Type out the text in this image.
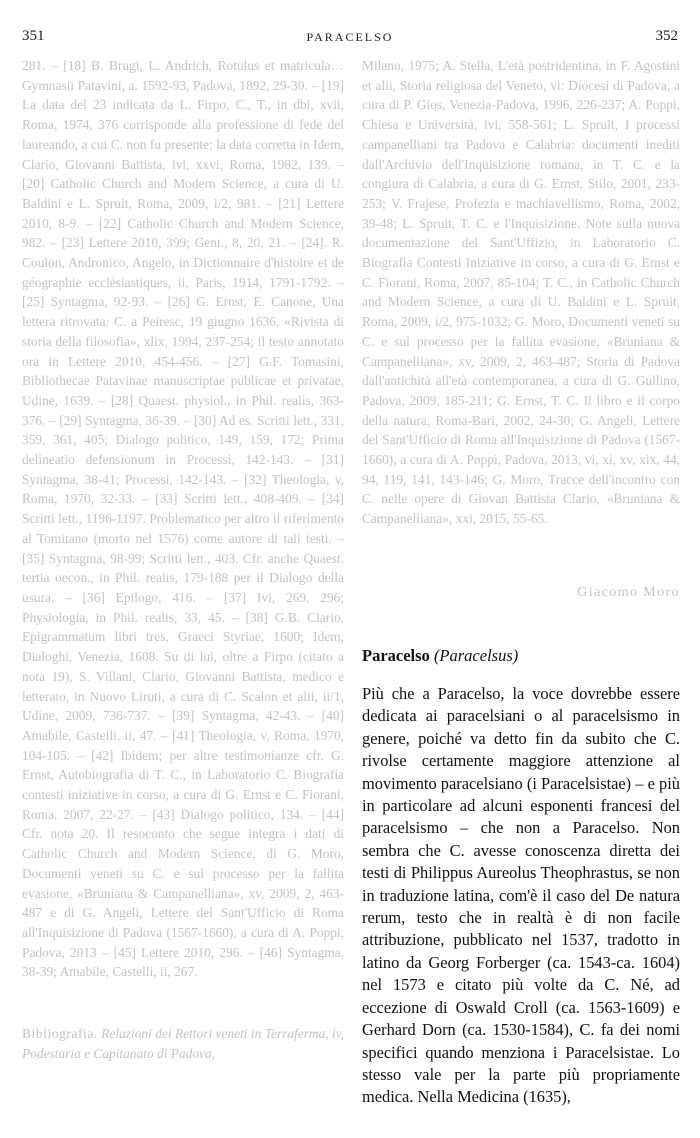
351	PARACELSO	352
281. – [18] B. Brugi, L. Andrich, Rotulus et matricula… Gymnasii Patavini, a. 1592-93, Padova, 1892, 29-30. – [19] La data del 23 indicata da L. Firpo, C., T., in dbi, xvii, Roma, 1974, 376 corrisponde alla professione di fede del laureando, a cui C. non fu presente; la data corretta in Idem, Clario, Giovanni Battista, ivi, xxvi, Roma, 1982, 139. – [20] Catholic Church and Modern Science, a cura di U. Baldini e L. Spruit, Roma, 2009, i/2, 981. – [21] Lettere 2010, 8-9. – [22] Catholic Church and Modern Science, 982. – [23] Lettere 2010, 399; Gent., 8, 20, 21. – [24]. R. Coulon, Andronico, Angelo, in Dictionnaire d'histoire et de géographie ecclésiastiques, ii, Paris, 1914, 1791-1792. – [25] Syntagma, 92-93. – [26] G. Ernst, E. Canone, Una lettera ritrovata: C. a Peiresc, 19 giugno 1636, «Rivista di storia della filosofia», xlix, 1994, 237-254; il testo annotato ora in Lettere 2010, 454-456. – [27] G.F. Tomasini, Bibliothecae Patavinae manuscriptae publicae et privatae, Udine, 1639. – [28] Quaest. physiol., in Phil. realis, 363-376. – [29] Syntagma, 36-39. – [30] Ad es. Scritti lett., 331, 359, 361, 405; Dialogo politico, 149, 159, 172; Prima delineatio defensionum in Processi, 142-143. – [31] Syntagma, 38-41; Processi, 142-143. – [32] Theologia, v, Roma, 1970, 32-33. – [33] Scritti lett., 408-409. – [34] Scritti lett., 1196-1197. Problematico per altro il riferimento al Tomitano (morto nel 1576) come autore di tali testi. – [35] Syntagma, 98-99; Scritti lett., 403. Cfr. anche Quaest. tertia oecon., in Phil. realis, 179-188 per il Dialogo della usura. – [36] Epilogo, 416. – [37] Ivi, 269, 296; Physiologia, in Phil. realis, 33, 45. – [38] G.B. Clario, Epigrammatum libri tres, Graeci Styriae, 1600; Idem, Dialoghi, Venezia, 1608. Su di lui, oltre a Firpo (citato a nota 19), S. Villani, Clario, Giovanni Battista, medico e letterato, in Nuovo Liruti, a cura di C. Scalon et alii, ii/1, Udine, 2009, 736-737. – [39] Syntagma, 42-43. – [40] Amabile, Castelli, ii, 47. – [41] Theologia, v, Roma, 1970, 104-105. – [42] Ibidem; per altre testimonianze cfr. G. Ernst, Autobiografia di T. C., in Laboratorio C. Biografia contesti iniziative in corso, a cura di G. Ernst e C. Fiorani, Roma, 2007, 22-27. – [43] Dialogo politico, 134. – [44] Cfr. nota 20. Il resoconto che segue integra i dati di Catholic Church and Modern Science, di G. Moro, Documenti veneti su C. e sul processo per la fallita evasione, «Bruniana & Campanelliana», xv, 2009, 2, 463-487 e di G. Angeli, Lettere del Sant'Ufficio di Roma all'Inquisizione di Padova (1567-1660), a cura di A. Poppi, Padova, 2013 – [45] Lettere 2010, 296. – [46] Syntagma, 38-39; Amabile, Castelli, ii, 267.
Bibliografia. Relazioni dei Rettori veneti in Terraferma, iv, Podestaria e Capitanato di Padova,
Milano, 1975; A. Stella, L'età postridentina, in F. Agostini et alii, Storia religiosa del Veneto, vi: Diocesi di Padova, a cura di P. Gios, Venezia-Padova, 1996, 226-237; A. Poppi, Chiesa e Università, ivi, 558-561; L. Spruit, I processi campanelliani tra Padova e Calabria: documenti inediti dall'Archivio dell'Inquisizione romana, in T. C. e la congiura di Calabria, a cura di G. Ernst, Stilo, 2001, 233-253; V. Frajese, Profezia e machiavellismo, Roma, 2002, 39-48; L. Spruit, T. C. e l'Inquisizione. Note sulla nuova documentazione del Sant'Uffizio, in Laboratorio C. Biografia Contesti Iniziative in corso, a cura di G. Ernst e C. Fiorani, Roma, 2007, 85-104; T. C., in Catholic Church and Modern Science, a cura di U. Baldini e L. Spruit, Roma, 2009, i/2, 975-1032; G. Moro, Documenti veneti su C. e sul processo per la fallita evasione, «Bruniana & Campanelliana», xv, 2009, 2, 463-487; Storia di Padova dall'antichità all'età contemporanea, a cura di G. Gullino, Padova, 2009, 185-211; G. Ernst, T. C. Il libro e il corpo della natura, Roma-Bari, 2002, 24-30; G. Angeli, Lettere del Sant'Ufficio di Roma all'Inquisizione di Padova (1567-1660), a cura di A. Poppi, Padova, 2013, vi, xi, xv, xix, 44, 94, 119, 141, 143-146; G. Moro, Tracce dell'incontro con C. nelle opere di Giovan Battista Clario, «Bruniana & Campanelliana», xxi, 2015, 55-65.
Giacomo Moro
Paracelso (Paracelsus)
Più che a Paracelso, la voce dovrebbe essere dedicata ai paracelsiani o al paracelsismo in genere, poiché va detto fin da subito che C. rivolse certamente maggiore attenzione al movimento paracelsiano (i Paracelsistae) – e più in particolare ad alcuni esponenti francesi del paracelsismo – che non a Paracelso. Non sembra che C. avesse conoscenza diretta dei testi di Philippus Aureolus Theophrastus, se non in traduzione latina, com'è il caso del De natura rerum, testo che in realtà è di non facile attribuzione, pubblicato nel 1537, tradotto in latino da Georg Forberger (ca. 1543-ca. 1604) nel 1573 e citato più volte da C. Né, ad eccezione di Oswald Croll (ca. 1563-1609) e Gerhard Dorn (ca. 1530-1584), C. fa dei nomi specifici quando menziona i Paracelsistae. Lo stesso vale per la parte più propriamente medica. Nella Medicina (1635),
